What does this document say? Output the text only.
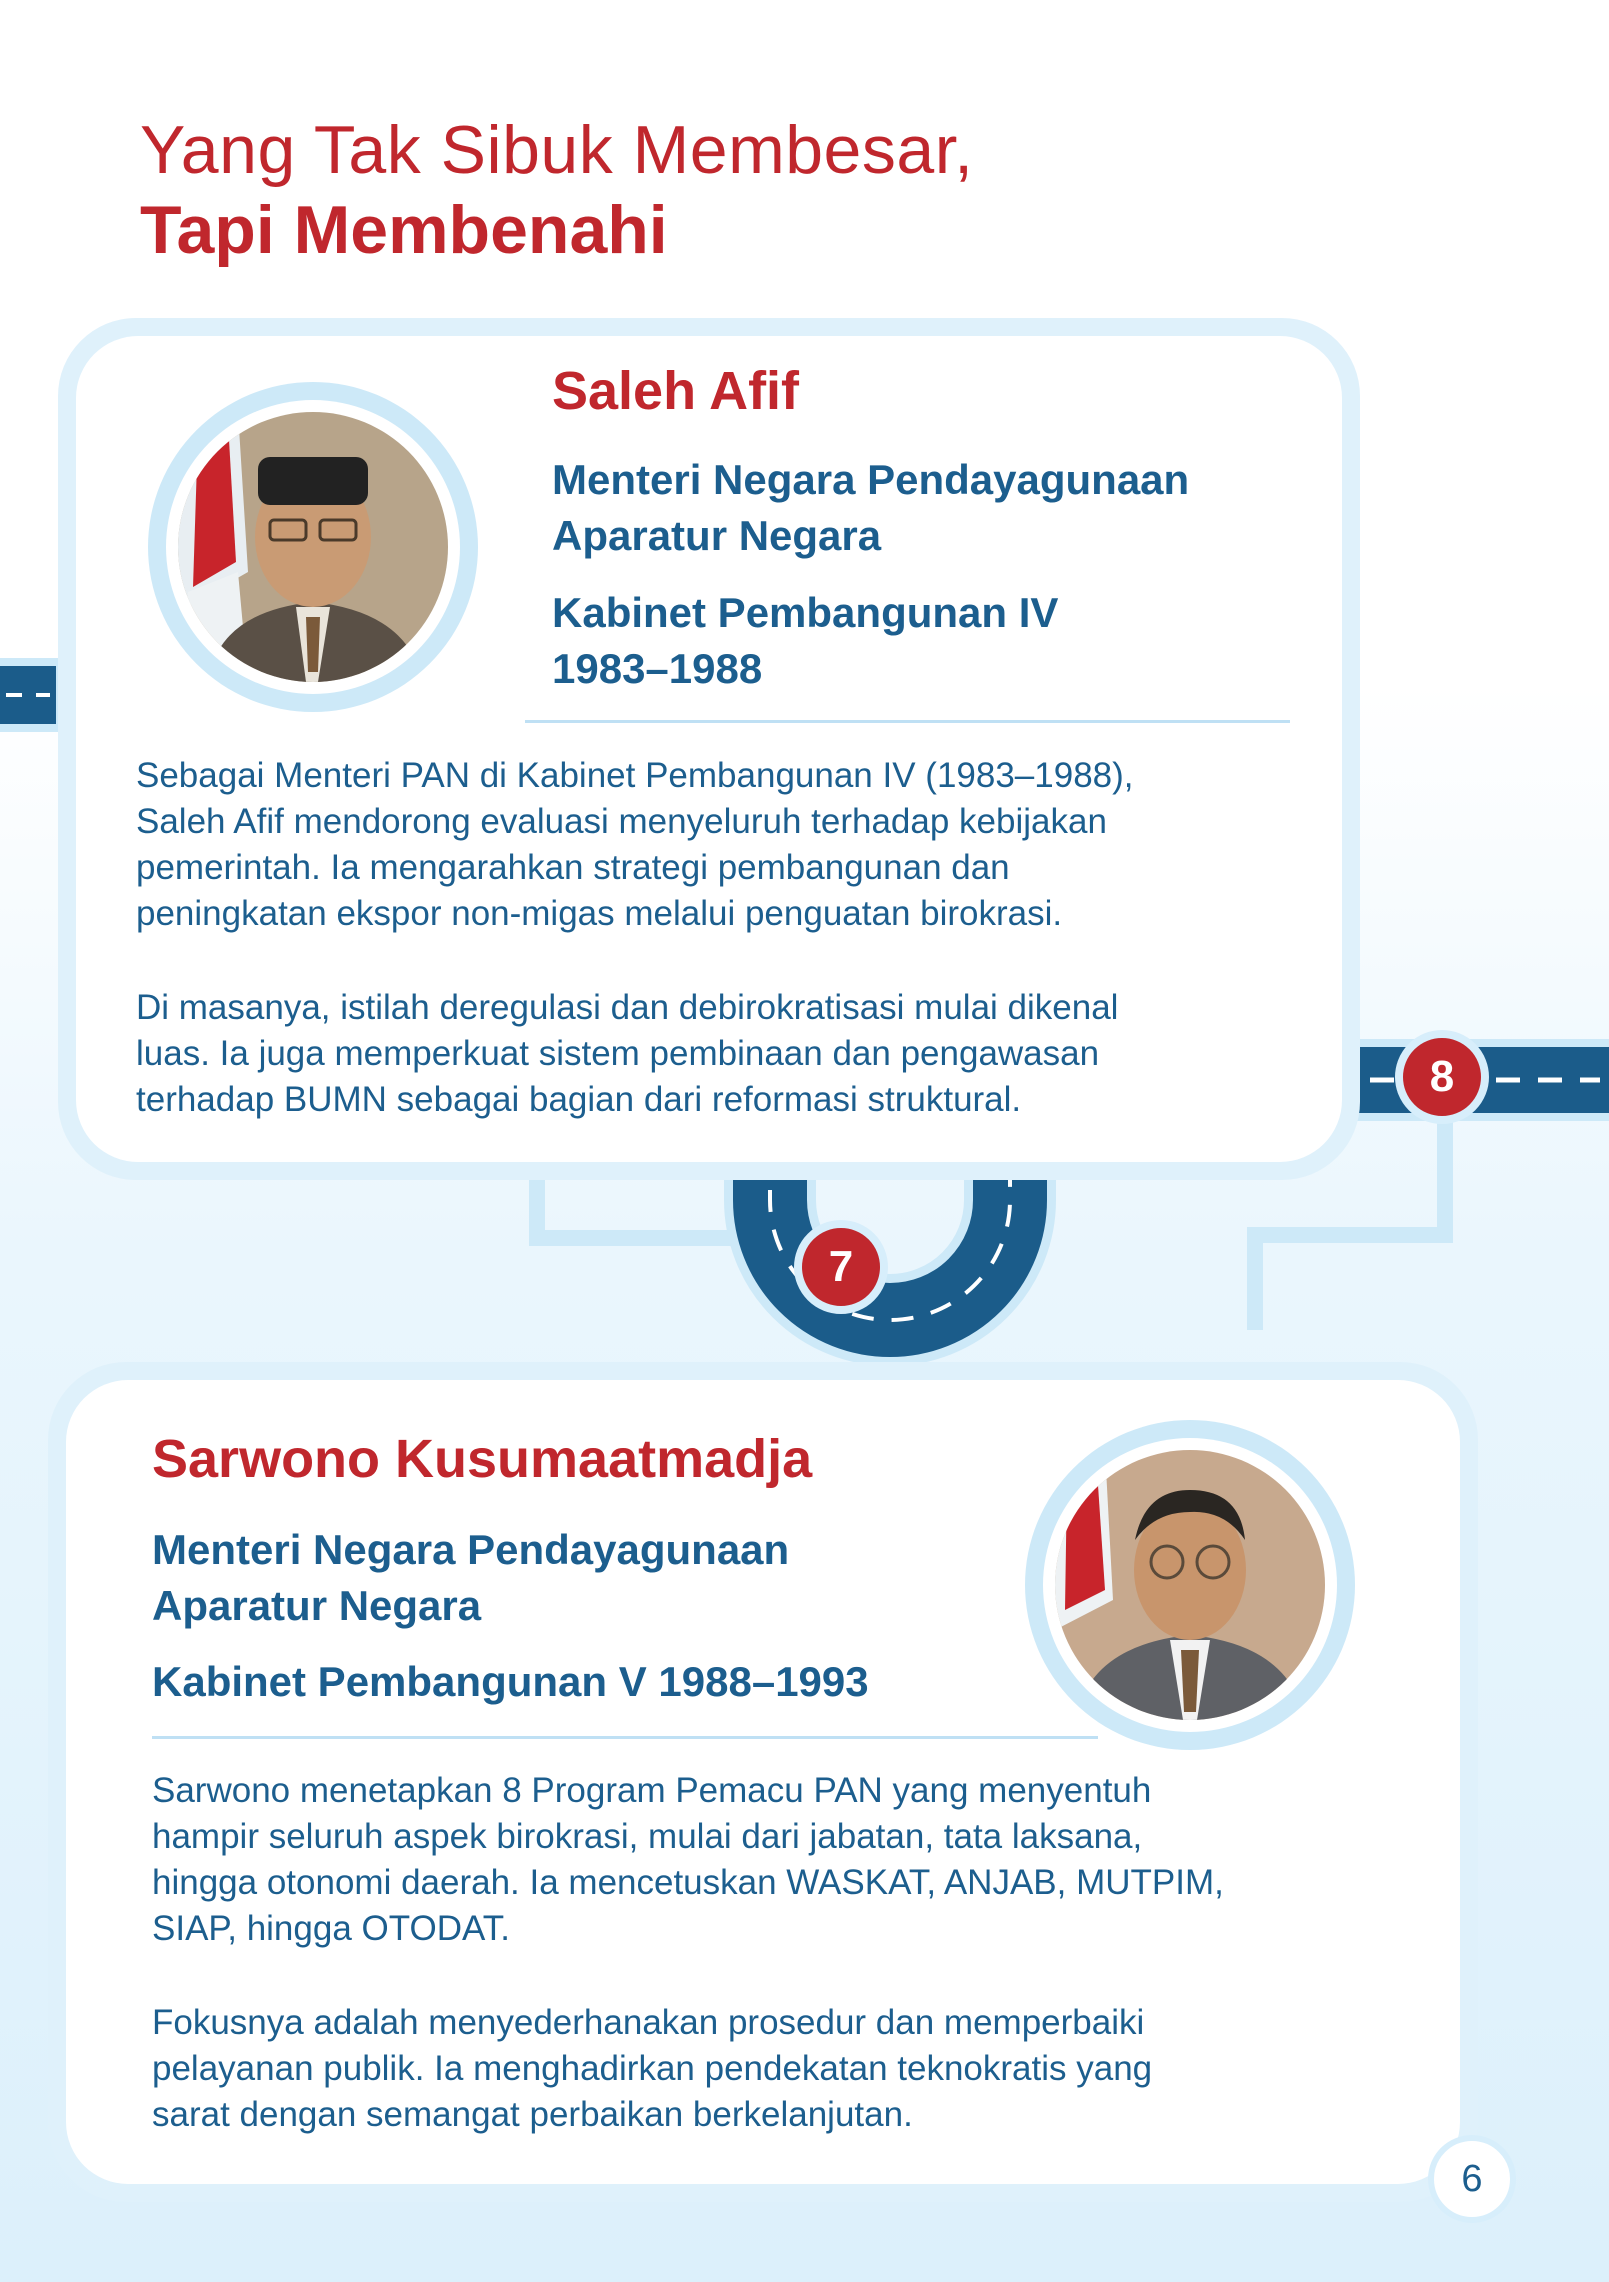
Yang Tak Sibuk Membesar,
Tapi Membenahi
Saleh Afif
Menteri Negara Pendayagunaan
Aparatur Negara
Kabinet Pembangunan IV
1983–1988
Sebagai Menteri PAN di Kabinet Pembangunan IV (1983–1988),
Saleh Afif mendorong evaluasi menyeluruh terhadap kebijakan
pemerintah. Ia mengarahkan strategi pembangunan dan
peningkatan ekspor non-migas melalui penguatan birokrasi.
Di masanya, istilah deregulasi dan debirokratisasi mulai dikenal
luas. Ia juga memperkuat sistem pembinaan dan pengawasan
terhadap BUMN sebagai bagian dari reformasi struktural.	8
7
Sarwono Kusumaatmadja
Menteri Negara Pendayagunaan
Aparatur Negara
Kabinet Pembangunan V 1988–1993
Sarwono menetapkan 8 Program Pemacu PAN yang menyentuh
hampir seluruh aspek birokrasi, mulai dari jabatan, tata laksana,
hingga otonomi daerah. Ia mencetuskan WASKAT, ANJAB, MUTPIM,
SIAP, hingga OTODAT.
Fokusnya adalah menyederhanakan prosedur dan memperbaiki
pelayanan publik. Ia menghadirkan pendekatan teknokratis yang
sarat dengan semangat perbaikan berkelanjutan.
6
